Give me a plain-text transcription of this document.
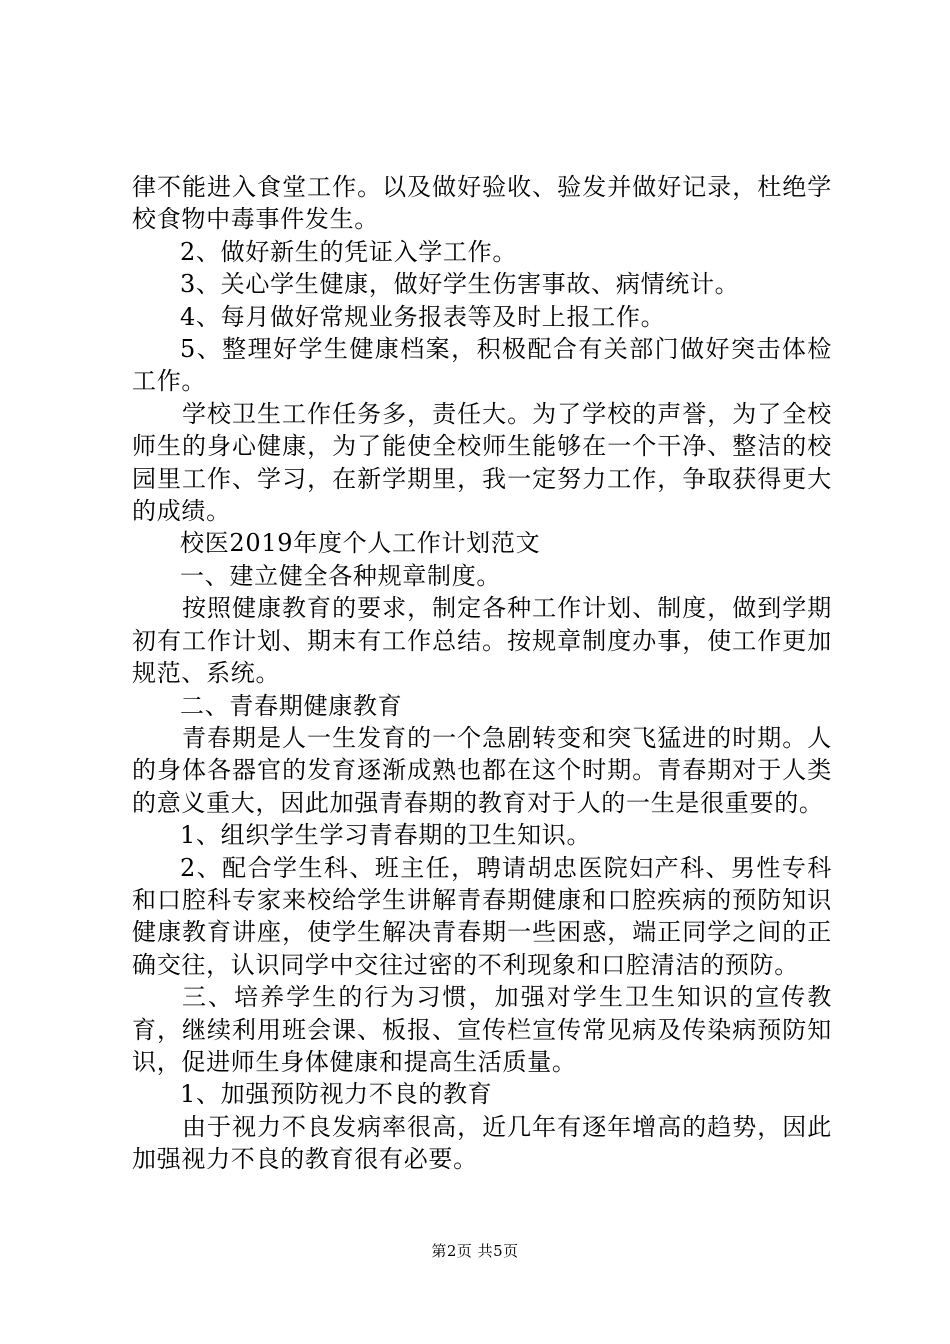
律不能进入食堂工作。以及做好验收、验发并做好记录，杜绝学校食物中毒事件发生。

2、做好新生的凭证入学工作。

3、关心学生健康，做好学生伤害事故、病情统计。

4、每月做好常规业务报表等及时上报工作。

5、整理好学生健康档案，积极配合有关部门做好突击体检工作。

学校卫生工作任务多，责任大。为了学校的声誉，为了全校师生的身心健康，为了能使全校师生能够在一个干净、整洁的校园里工作、学习，在新学期里，我一定努力工作，争取获得更大的成绩。

校医2019年度个人工作计划范文

一、建立健全各种规章制度。

按照健康教育的要求，制定各种工作计划、制度，做到学期初有工作计划、期末有工作总结。按规章制度办事，使工作更加规范、系统。

二、青春期健康教育

青春期是人一生发育的一个急剧转变和突飞猛进的时期。人的身体各器官的发育逐渐成熟也都在这个时期。青春期对于人类的意义重大，因此加强青春期的教育对于人的一生是很重要的。

1、组织学生学习青春期的卫生知识。

2、配合学生科、班主任，聘请胡忠医院妇产科、男性专科和口腔科专家来校给学生讲解青春期健康和口腔疾病的预防知识健康教育讲座，使学生解决青春期一些困惑，端正同学之间的正确交往，认识同学中交往过密的不利现象和口腔清洁的预防。

三、培养学生的行为习惯，加强对学生卫生知识的宣传教育，继续利用班会课、板报、宣传栏宣传常见病及传染病预防知识，促进师生身体健康和提高生活质量。

1、加强预防视力不良的教育

由于视力不良发病率很高，近几年有逐年增高的趋势，因此加强视力不良的教育很有必要。

第2页 共5页
